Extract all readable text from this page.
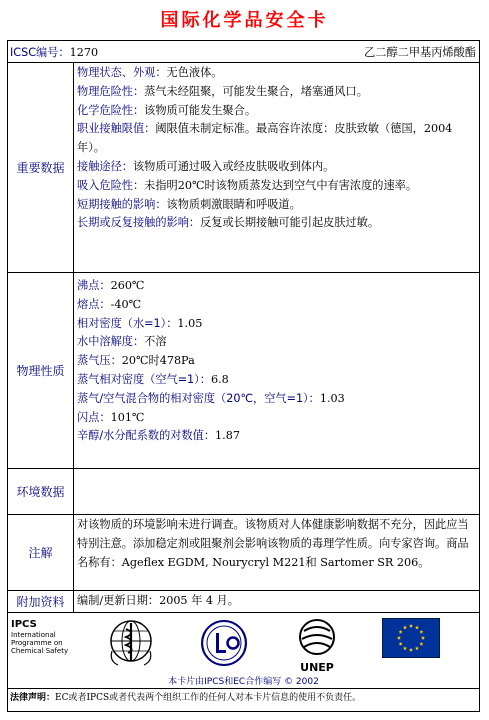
国际化学品安全卡
ICSC编号：1270	乙二醇二甲基丙烯酸酯
重要数据
物理状态、外观：无色液体。
物理危险性：蒸气未经阻聚，可能发生聚合，堵塞通风口。
化学危险性：该物质可能发生聚合。
职业接触限值：阈限值未制定标准。最高容许浓度：皮肤致敏（德国，2004年）。
接触途径：该物质可通过吸入或经皮肤吸收到体内。
吸入危险性：未指明20℃时该物质蒸发达到空气中有害浓度的速率。
短期接触的影响：该物质刺激眼睛和呼吸道。
长期或反复接触的影响：反复或长期接触可能引起皮肤过敏。
物理性质
沸点：260℃
熔点：-40℃
相对密度（水=1）：1.05
水中溶解度：不溶
蒸气压：20℃时478Pa
蒸气相对密度（空气=1）：6.8
蒸气/空气混合物的相对密度（20℃，空气=1）：1.03
闪点：101℃
辛醇/水分配系数的对数值：1.87
环境数据
注解
对该物质的环境影响未进行调查。该物质对人体健康影响数据不充分，因此应当特别注意。添加稳定剂或阻聚剂会影响该物质的毒理学性质。向专家咨询。商品名称有：Ageflex EGDM, Nourycryl M221和 Sartomer SR 206。
附加资料	编制/更新日期：2005 年 4 月。
IPCS
International
Programme on
Chemical Safety
UNEP
本卡片由IPCS和EC合作编写 © 2002
法律声明：EC或者IPCS或者代表两个组织工作的任何人对本卡片信息的使用不负责任。
